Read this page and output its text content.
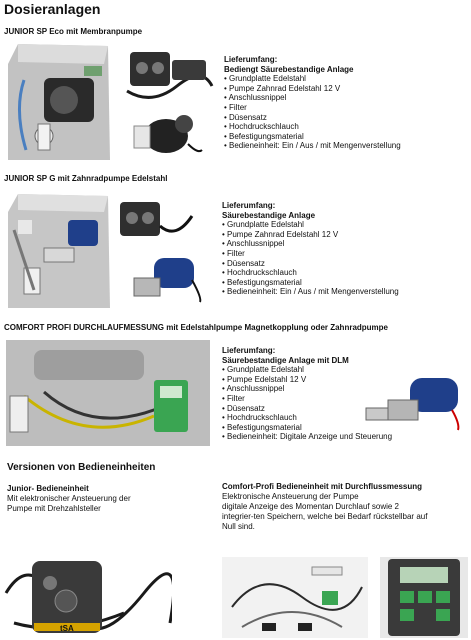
Dosieranlagen
JUNIOR SP Eco mit Membranpumpe
Lieferumfang:
Bediengt Säurebestandige Anlage
• Grundplatte Edelstahl
• Pumpe Zahnrad Edelstahl 12 V
• Anschlussnippel
• Filter
• Düsensatz
• Hochdruckschlauch
• Befestigungsmaterial
• Bedieneinheit: Ein / Aus / mit Mengenverstellung
JUNIOR SP G mit Zahnradpumpe Edelstahl
Lieferumfang:
Säurebestandige Anlage
• Grundplatte Edelstahl
• Pumpe Zahnrad Edelstahl 12 V
• Anschlussnippel
• Filter
• Düsensatz
• Hochdruckschlauch
• Befestigungsmaterial
• Bedieneinheit: Ein / Aus / mit Mengenverstellung
COMFORT PROFI DURCHLAUFMESSUNG mit Edelstahlpumpe Magnetkopplung oder Zahnradpumpe
Lieferumfang:
Säurebestandige Anlage mit DLM
• Grundplatte Edelstahl
• Pumpe Edelstahl 12 V
• Anschlussnippel
• Filter
• Düsensatz
• Hochdruckschlauch
• Befestigungsmaterial
• Bedieneinheit: Digitale Anzeige und Steuerung
Versionen von Bedieneinheiten
Junior- Bedieneinheit
Mit elektronischer Ansteuerung der
Pumpe mit Drehzahlsteller
tSA
Comfort-Profi Bedieneinheit mit Durchflussmessung
Elektronische Ansteuerung der Pumpe
digitale Anzeige des Momentan Durchlauf sowie 2
integrier-ten Speichern, welche bei Bedarf rückstellbar auf
Null sind.
